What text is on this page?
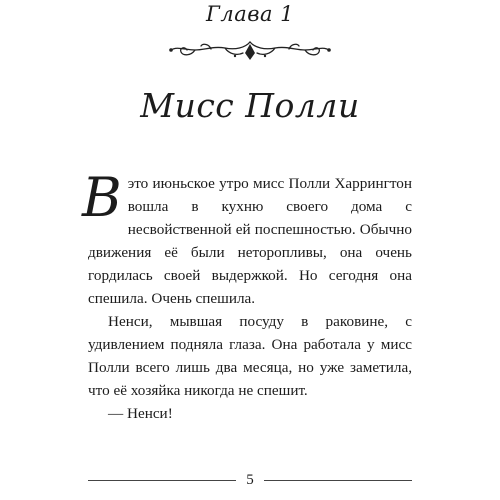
Глава 1
Мисс Полли

Вэто июньское утро мисс Полли Харрингтон вошла в кухню своего дома с несвойственной ей поспешностью. Обычно движения её были неторопливы, она очень гордилась своей выдержкой. Но сегодня она спешила. Очень спешила.

Ненси, мывшая посуду в раковине, с удивлением подняла глаза. Она работала у мисс Полли всего лишь два месяца, но уже заметила, что её хозяйка никогда не спешит.

— Ненси!

5
